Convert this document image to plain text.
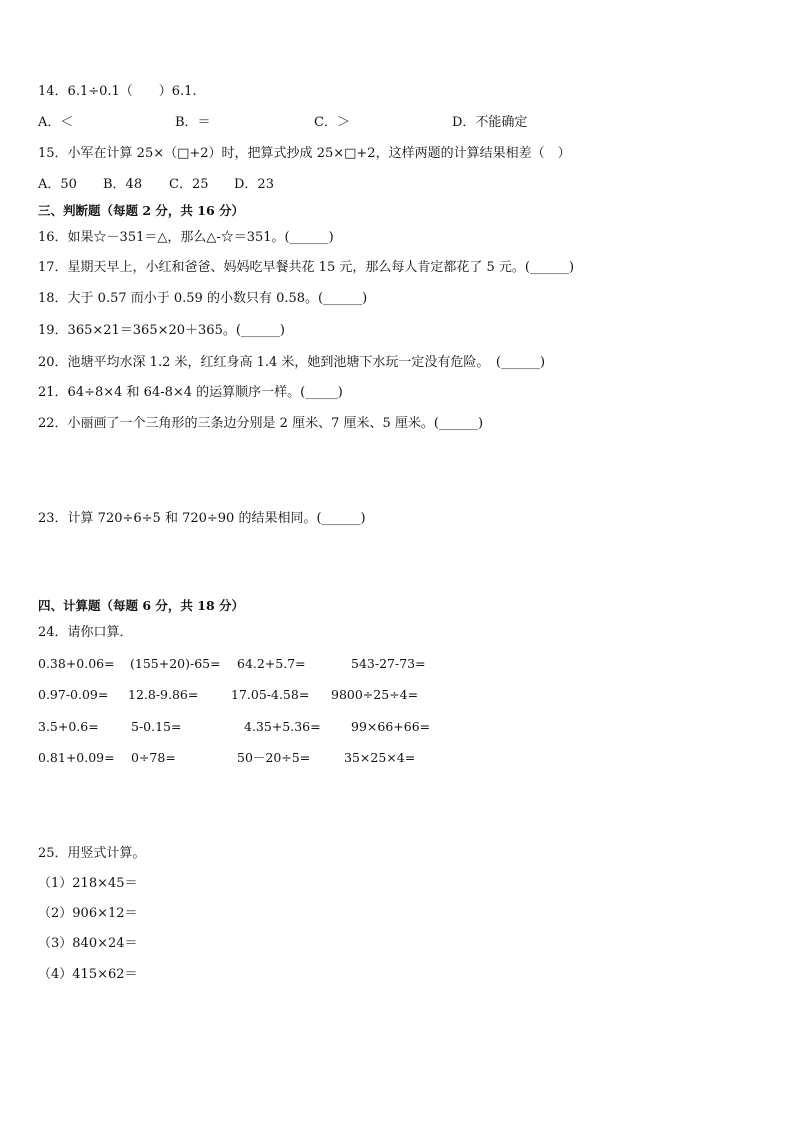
14．6.1÷0.1（　　）6.1.
A．＜	B．＝	C．＞	D．不能确定
15．小军在计算 25×（□+2）时，把算式抄成 25×□+2，这样两题的计算结果相差（　）
A．50 B．48 C．25 D．23
三、判断题（每题 2 分，共 16 分）
16．如果☆－351＝△，那么△-☆＝351。(______)
17．星期天早上，小红和爸爸、妈妈吃早餐共花 15 元，那么每人肯定都花了 5 元。(______)
18．大于 0.57 而小于 0.59 的小数只有 0.58。(______)
19．365×21＝365×20＋365。(______)
20．池塘平均水深 1.2 米，红红身高 1.4 米，她到池塘下水玩一定没有危险。　(______)
21．64÷8×4 和 64-8×4 的运算顺序一样。(_____)
22．小丽画了一个三角形的三条边分别是 2 厘米、7 厘米、5 厘米。(______)
23．计算 720÷6÷5 和 720÷90 的结果相同。(______)
四、计算题（每题 6 分，共 18 分）
24．请你口算．
0.38+0.06= (155+20)-65= 64.2+5.7=	543-27-73=
0.97-0.09= 12.8-9.86=	17.05-4.58= 9800÷25÷4=
3.5+0.6=	5-0.15=	4.35+5.36= 99×66+66=
0.81+0.09= 0÷78=	50－20÷5=	35×25×4=
25．用竖式计算。
（1）218×45＝
（2）906×12＝
（3）840×24＝
（4）415×62＝
